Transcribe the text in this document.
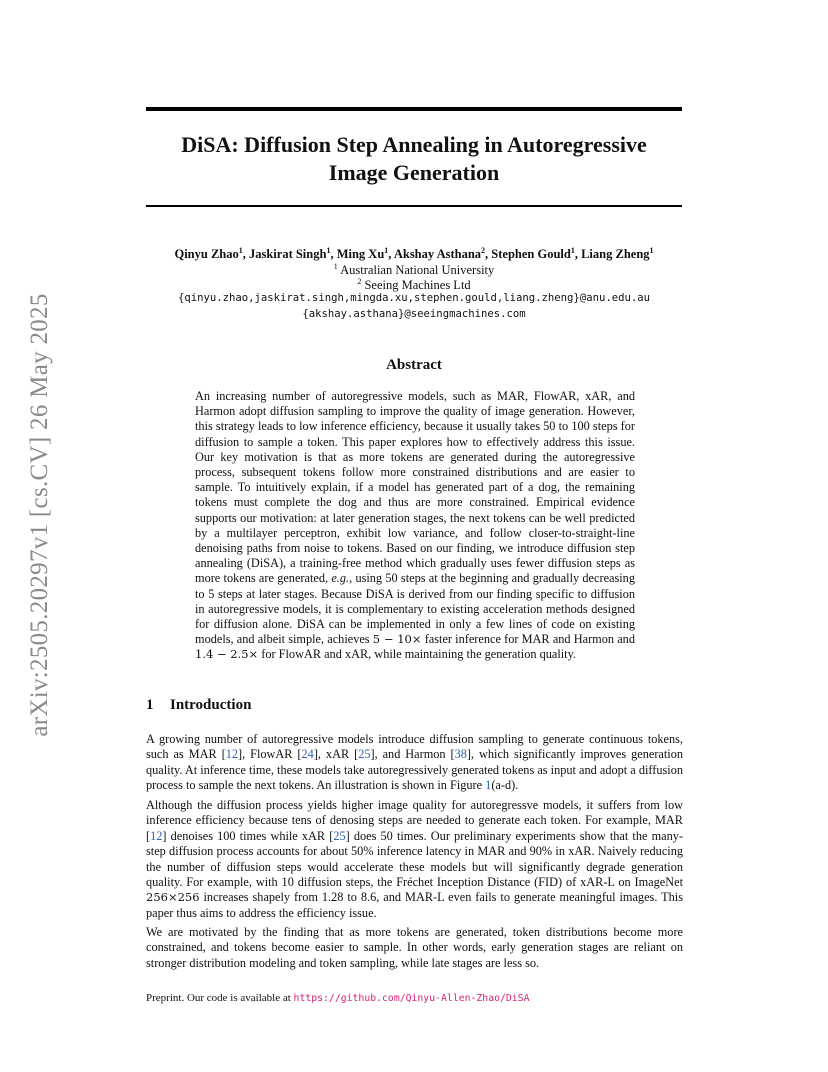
arXiv:2505.20297v1 [cs.CV] 26 May 2025
DiSA: Diffusion Step Annealing in Autoregressive
Image Generation
Qinyu Zhao$^1$, Jaskirat Singh$^1$, Ming Xu$^1$, Akshay Asthana$^2$, Stephen Gould$^1$, Liang Zheng$^1$
$^1$ Australian National University
$^2$ Seeing Machines Ltd
{qinyu.zhao,jaskirat.singh,mingda.xu,stephen.gould,liang.zheng}@anu.edu.au
{akshay.asthana}@seeingmachines.com
Abstract

An increasing number of autoregressive models, such as MAR, FlowAR, xAR, and Harmon adopt diffusion sampling to improve the quality of image generation. However, this strategy leads to low inference efficiency, because it usually takes 50 to 100 steps for diffusion to sample a token. This paper explores how to effectively address this issue. Our key motivation is that as more tokens are generated during the autoregressive process, subsequent tokens follow more constrained distributions and are easier to sample. To intuitively explain, if a model has generated part of a dog, the remaining tokens must complete the dog and thus are more constrained. Empirical evidence supports our motivation: at later generation stages, the next tokens can be well predicted by a multilayer perceptron, exhibit low variance, and follow closer-to-straight-line denoising paths from noise to tokens. Based on our finding, we introduce diffusion step annealing (DiSA), a training-free method which gradually uses fewer diffusion steps as more tokens are generated, e.g., using 50 steps at the beginning and gradually decreasing to 5 steps at later stages. Because DiSA is derived from our finding specific to diffusion in autoregressive models, it is complementary to existing acceleration methods designed for diffusion alone. DiSA can be implemented in only a few lines of code on existing models, and albeit simple, achieves 5 − 10× faster inference for MAR and Harmon and 1.4 − 2.5× for FlowAR and xAR, while maintaining the generation quality.

1 Introduction

A growing number of autoregressive models introduce diffusion sampling to generate continuous tokens, such as MAR [12], FlowAR [24], xAR [25], and Harmon [38], which significantly improves generation quality. At inference time, these models take autoregressively generated tokens as input and adopt a diffusion process to sample the next tokens. An illustration is shown in Figure 1(a-d).

Although the diffusion process yields higher image quality for autoregressve models, it suffers from low inference efficiency because tens of denosing steps are needed to generate each token. For example, MAR [12] denoises 100 times while xAR [25] does 50 times. Our preliminary experiments show that the many-step diffusion process accounts for about 50% inference latency in MAR and 90% in xAR. Naively reducing the number of diffusion steps would accelerate these models but will significantly degrade generation quality. For example, with 10 diffusion steps, the Fréchet Inception Distance (FID) of xAR-L on ImageNet 256×256 increases shapely from 1.28 to 8.6, and MAR-L even fails to generate meaningful images. This paper thus aims to address the efficiency issue.

We are motivated by the finding that as more tokens are generated, token distributions become more constrained, and tokens become easier to sample. In other words, early generation stages are reliant on stronger distribution modeling and token sampling, while late stages are less so.

Preprint. Our code is available at https://github.com/Qinyu-Allen-Zhao/DiSA
